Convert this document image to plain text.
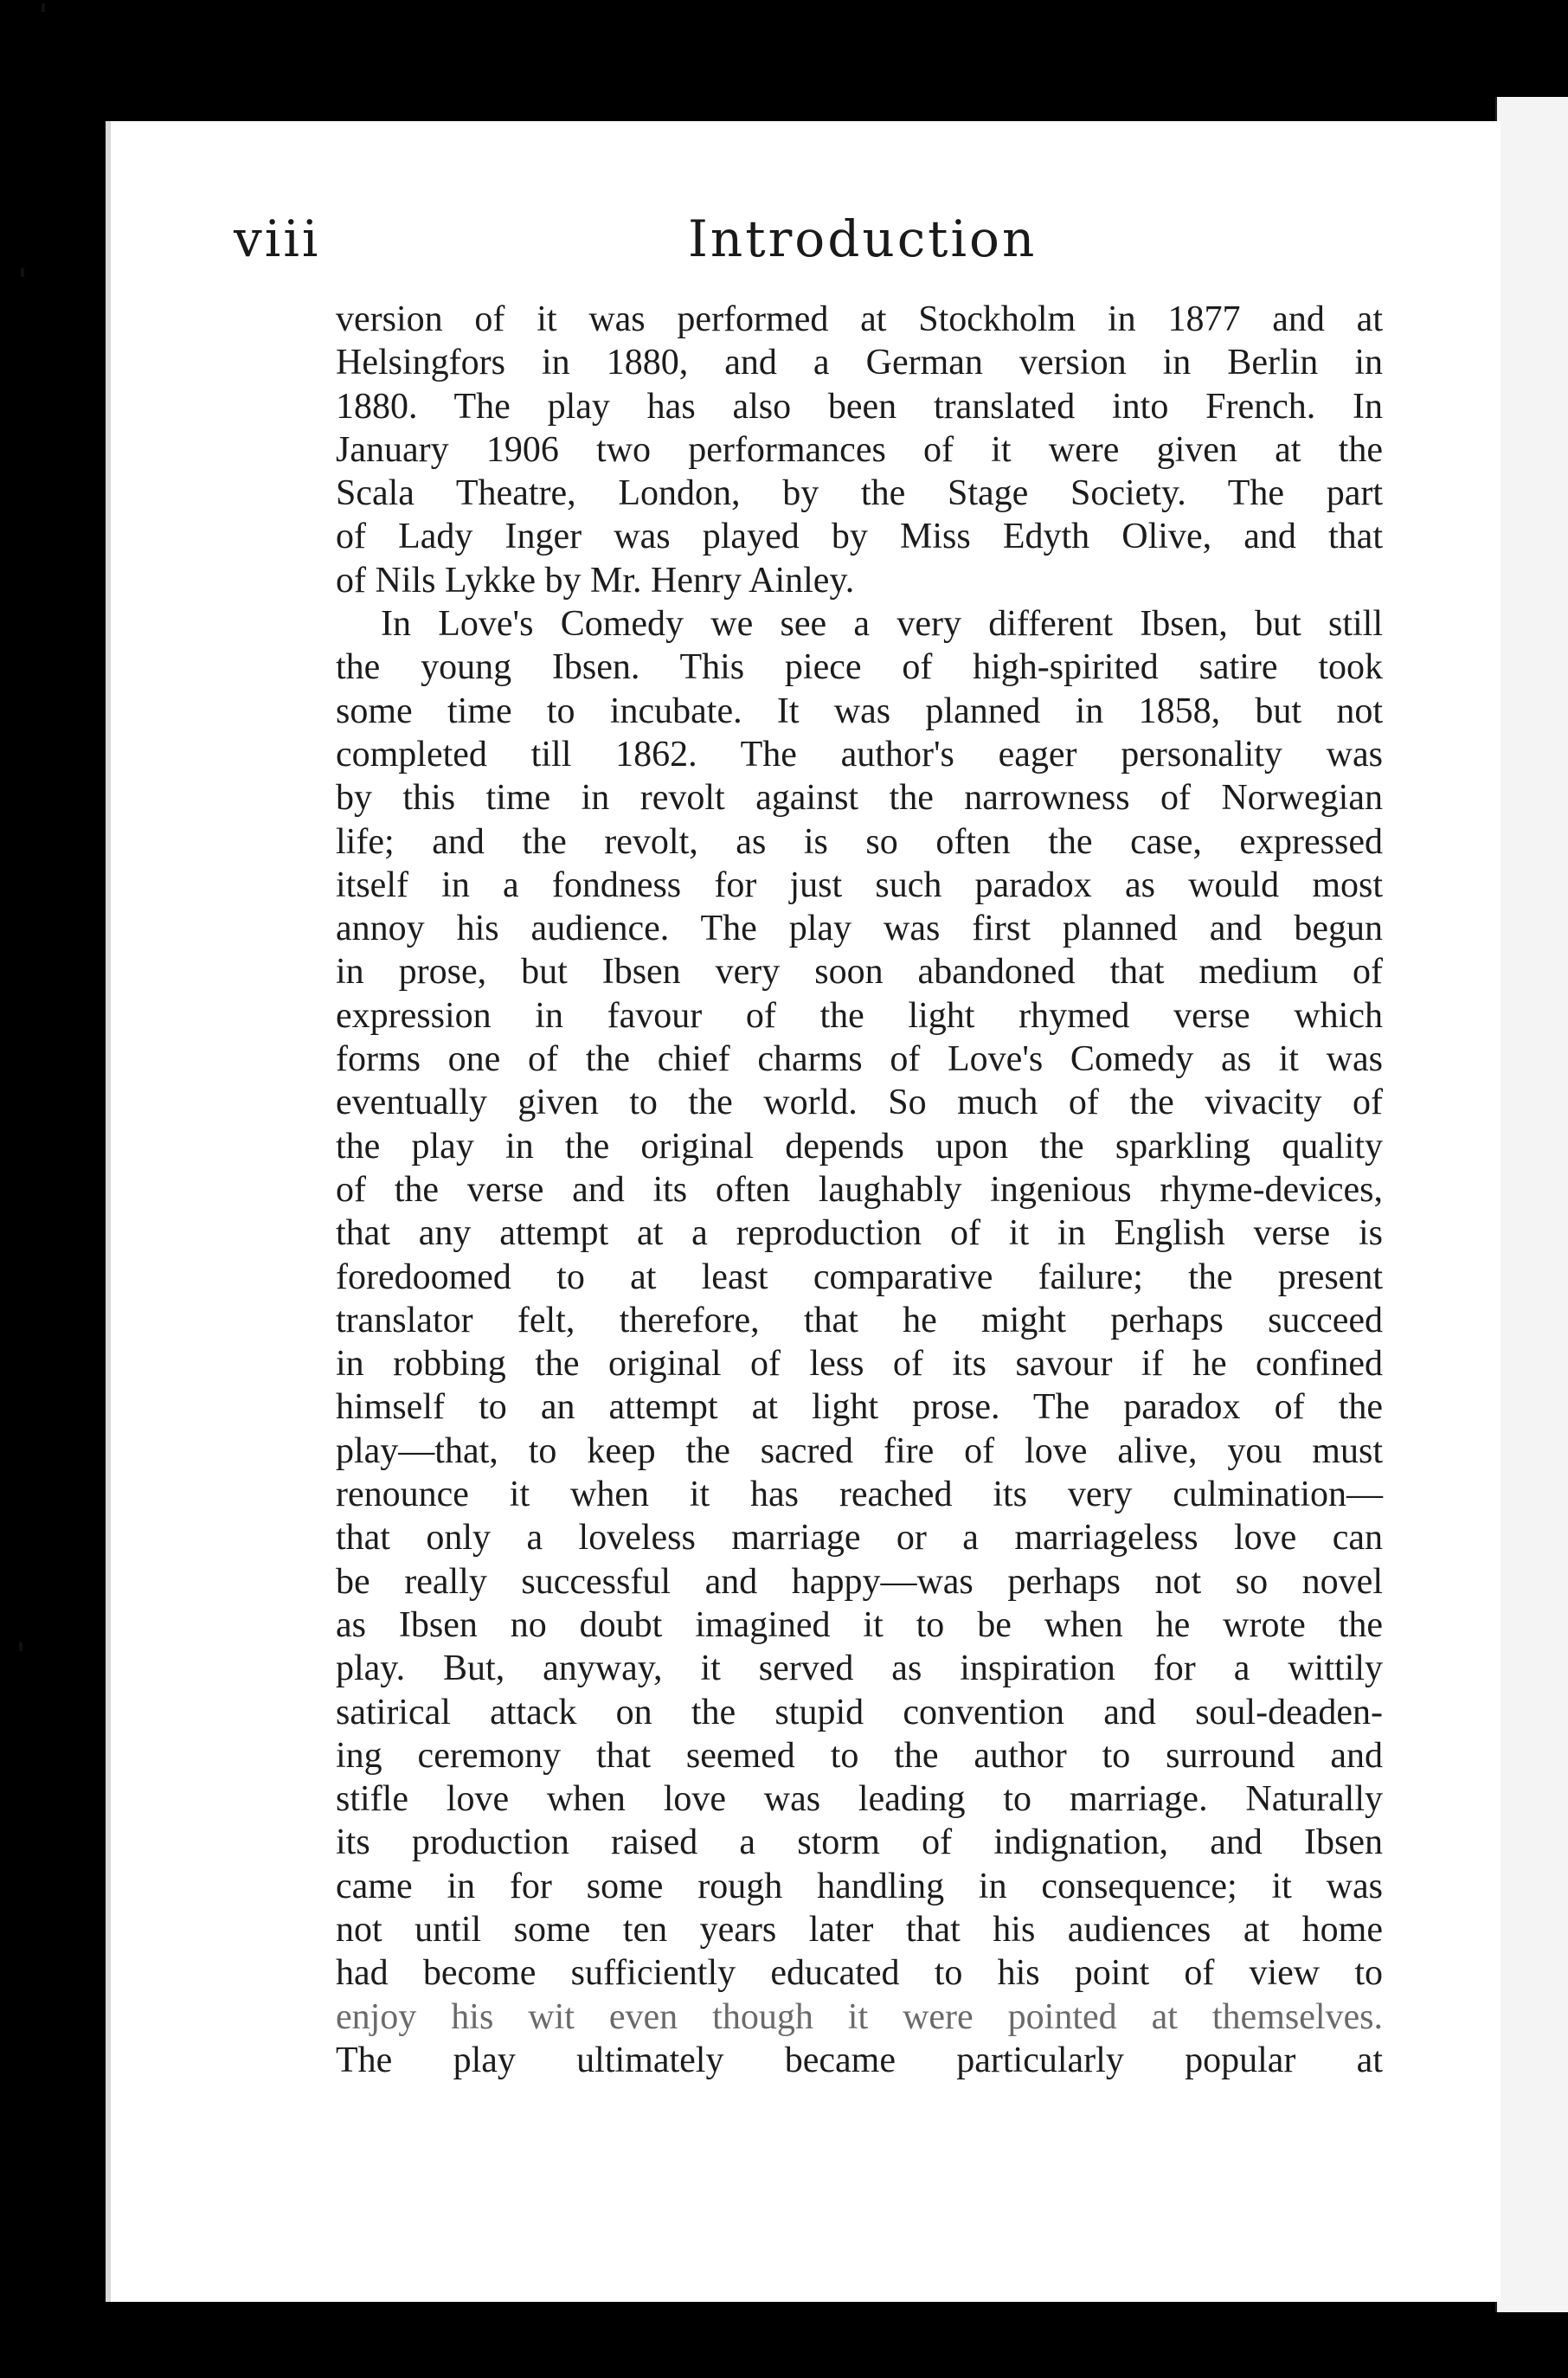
viii	Introduction
version of it was performed at Stockholm in 1877 and at
Helsingfors in 1880, and a German version in Berlin in
1880. The play has also been translated into French. In
January 1906 two performances of it were given at the
Scala Theatre, London, by the Stage Society. The part
of Lady Inger was played by Miss Edyth Olive, and that
of Nils Lykke by Mr. Henry Ainley.
In Love's Comedy we see a very different Ibsen, but still
the young Ibsen. This piece of high-spirited satire took
some time to incubate. It was planned in 1858, but not
completed till 1862. The author's eager personality was
by this time in revolt against the narrowness of Norwegian
life; and the revolt, as is so often the case, expressed
itself in a fondness for just such paradox as would most
annoy his audience. The play was first planned and begun
in prose, but Ibsen very soon abandoned that medium of
expression in favour of the light rhymed verse which
forms one of the chief charms of Love's Comedy as it was
eventually given to the world. So much of the vivacity of
the play in the original depends upon the sparkling quality
of the verse and its often laughably ingenious rhyme-devices,
that any attempt at a reproduction of it in English verse is
foredoomed to at least comparative failure; the present
translator felt, therefore, that he might perhaps succeed
in robbing the original of less of its savour if he confined
himself to an attempt at light prose. The paradox of the
play—that, to keep the sacred fire of love alive, you must
renounce it when it has reached its very culmination—
that only a loveless marriage or a marriageless love can
be really successful and happy—was perhaps not so novel
as Ibsen no doubt imagined it to be when he wrote the
play. But, anyway, it served as inspiration for a wittily
satirical attack on the stupid convention and soul-deaden-
ing ceremony that seemed to the author to surround and
stifle love when love was leading to marriage. Naturally
its production raised a storm of indignation, and Ibsen
came in for some rough handling in consequence; it was
not until some ten years later that his audiences at home
had become sufficiently educated to his point of view to
enjoy his wit even though it were pointed at themselves.
The play ultimately became particularly popular at
